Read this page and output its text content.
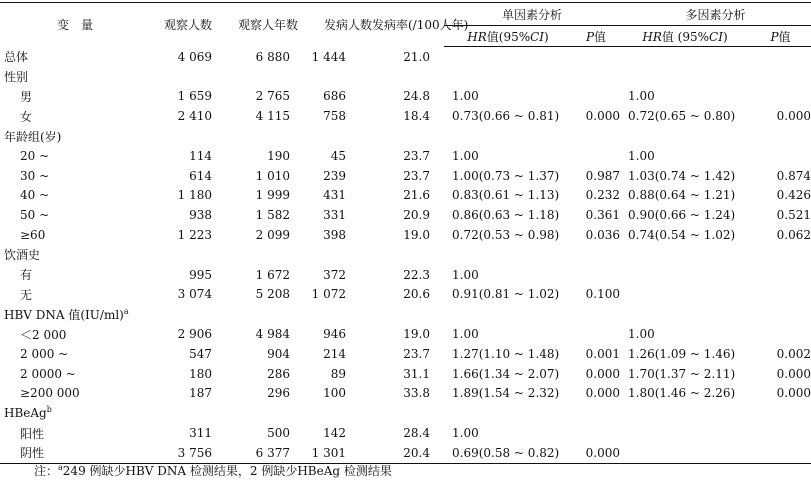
变　量	观察人数	观察人年数	发病人数	发病率(/100人年)	单因素分析		多因素分析	
					HR值(95%CI)	P值	HR值 (95%CI)	P值
总体	4 069	6 880	1 444	21.0				
性别								
男	1 659	2 765	686	24.8	1.00		1.00	
女	2 410	4 115	758	18.4	0.73(0.66 ~ 0.81)	0.000	0.72(0.65 ~ 0.80)	0.000
年龄组(岁)								
20 ~	114	190	45	23.7	1.00		1.00	
30 ~	614	1 010	239	23.7	1.00(0.73 ~ 1.37)	0.987	1.03(0.74 ~ 1.42)	0.874
40 ~	1 180	1 999	431	21.6	0.83(0.61 ~ 1.13)	0.232	0.88(0.64 ~ 1.21)	0.426
50 ~	938	1 582	331	20.9	0.86(0.63 ~ 1.18)	0.361	0.90(0.66 ~ 1.24)	0.521
≥60	1 223	2 099	398	19.0	0.72(0.53 ~ 0.98)	0.036	0.74(0.54 ~ 1.02)	0.062
饮酒史								
有	995	1 672	372	22.3	1.00			
无	3 074	5 208	1 072	20.6	0.91(0.81 ~ 1.02)	0.100		
HBV DNA 值$(IU/ml)^a$								
＜2 000	2 906	4 984	946	19.0	1.00		1.00	
2 000 ~	547	904	214	23.7	1.27(1.10 ~ 1.48)	0.001	1.26(1.09 ~ 1.46)	0.002
2 0000 ~	180	286	89	31.1	1.66(1.34 ~ 2.07)	0.000	1.70(1.37 ~ 2.11)	0.000
≥200 000	187	296	100	33.8	1.89(1.54 ~ 2.32)	0.000	1.80(1.46 ~ 2.26)	0.000
HBeAg$^b$								
阳性	311	500	142	28.4	1.00			
阴性	3 756	6 377	1 301	20.4	0.69(0.58 ~ 0.82)	0.000		

注：$^a$249 例缺少HBV DNA 检测结果，2 例缺少HBeAg 检测结果
